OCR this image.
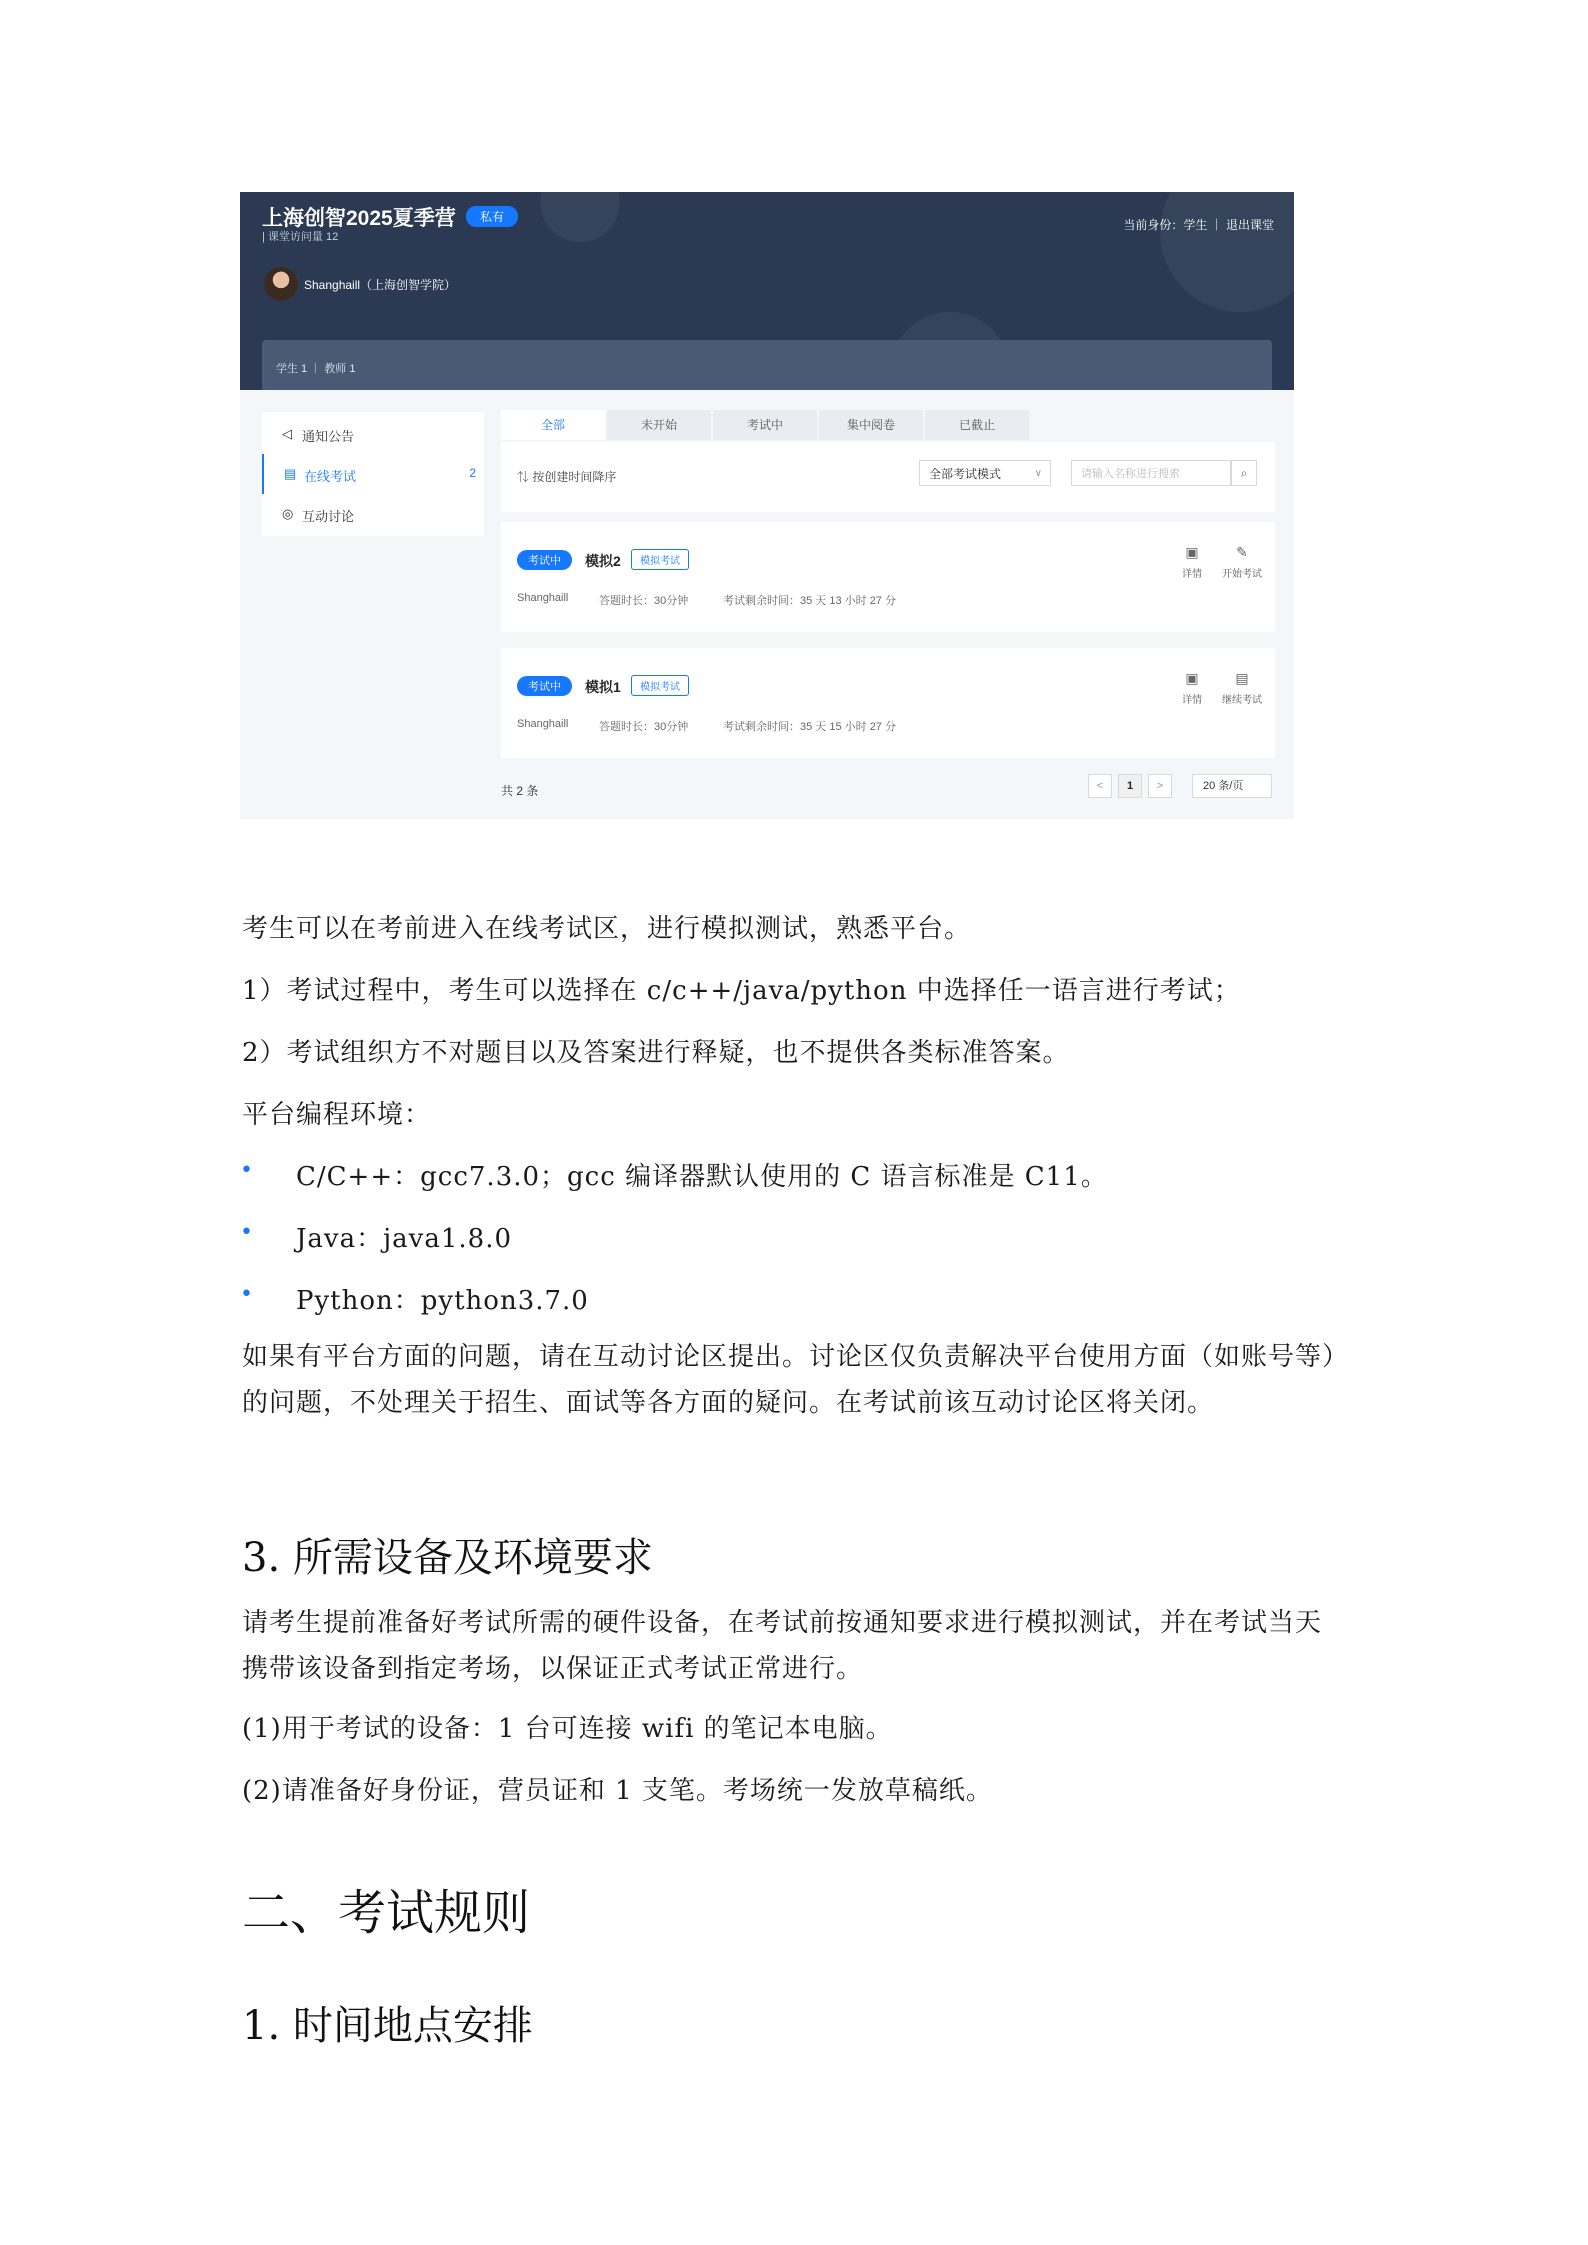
上海创智2025夏季营	私有
| 课堂访问量 12
当前身份：学生 ｜ 退出课堂
Shanghaill（上海创智学院）
学生 1 ｜ 教师 1
◁ 通知公告
▤ 在线考试	2
◎ 互动讨论
全部	未开始	考试中	集中阅卷	已截止
⇅ 按创建时间降序	全部考试模式	∨	请输入名称进行搜索	⌕
考试中	模拟2	模拟考试
Shanghaill	答题时长：30分钟	考试剩余时间：35 天 13 小时 27 分
▣
详情
✎
开始考试
考试中	模拟1	模拟考试
Shanghaill	答题时长：30分钟	考试剩余时间：35 天 15 小时 27 分
▣
详情
▤
继续考试
共 2 条	<	1	>	20 条/页
考生可以在考前进入在线考试区，进行模拟测试，熟悉平台。
1）考试过程中，考生可以选择在 c/c++/java/python 中选择任一语言进行考试；
2）考试组织方不对题目以及答案进行释疑，也不提供各类标准答案。
平台编程环境：
• C/C++：gcc7.3.0；gcc 编译器默认使用的 C 语言标准是 C11。
• Java：java1.8.0
• Python：python3.7.0
如果有平台方面的问题，请在互动讨论区提出。讨论区仅负责解决平台使用方面（如账号等）的问题，不处理关于招生、面试等各方面的疑问。在考试前该互动讨论区将关闭。
3. 所需设备及环境要求
请考生提前准备好考试所需的硬件设备，在考试前按通知要求进行模拟测试，并在考试当天携带该设备到指定考场，以保证正式考试正常进行。
(1)用于考试的设备：1 台可连接 wifi 的笔记本电脑。
(2)请准备好身份证，营员证和 1 支笔。考场统一发放草稿纸。
二、考试规则
1. 时间地点安排
